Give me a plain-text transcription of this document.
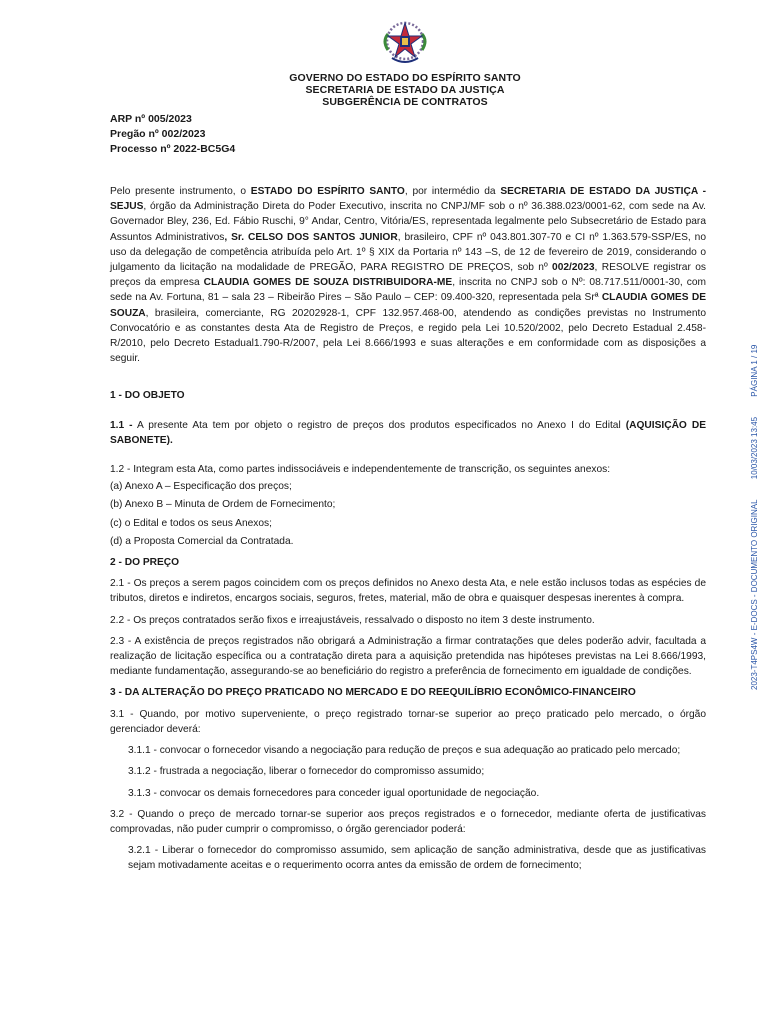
GOVERNO DO ESTADO DO ESPÍRITO SANTO
SECRETARIA DE ESTADO DA JUSTIÇA
SUBGERÊNCIA DE CONTRATOS
ARP nº 005/2023
Pregão nº 002/2023
Processo nº 2022-BC5G4

Pelo presente instrumento, o ESTADO DO ESPÍRITO SANTO, por intermédio da SECRETARIA DE ESTADO DA JUSTIÇA - SEJUS, órgão da Administração Direta do Poder Executivo, inscrita no CNPJ/MF sob o nº 36.388.023/0001-62, com sede na Av. Governador Bley, 236, Ed. Fábio Ruschi, 9° Andar, Centro, Vitória/ES, representada legalmente pelo Subsecretário de Estado para Assuntos Administrativos, Sr. CELSO DOS SANTOS JUNIOR, brasileiro, CPF nº 043.801.307-70 e CI nº 1.363.579-SSP/ES, no uso da delegação de competência atribuída pelo Art. 1º § XIX da Portaria nº 143 –S, de 12 de fevereiro de 2019, considerando o julgamento da licitação na modalidade de PREGÃO, PARA REGISTRO DE PREÇOS, sob nº 002/2023, RESOLVE registrar os preços da empresa CLAUDIA GOMES DE SOUZA DISTRIBUIDORA-ME, inscrita no CNPJ sob o Nº: 08.717.511/0001-30, com sede na Av. Fortuna, 81 – sala 23 – Ribeirão Pires – São Paulo – CEP: 09.400-320, representada pela Srª CLAUDIA GOMES DE SOUZA, brasileira, comerciante, RG 20202928-1, CPF 132.957.468-00, atendendo as condições previstas no Instrumento Convocatório e as constantes desta Ata de Registro de Preços, e regido pela Lei 10.520/2002, pelo Decreto Estadual 2.458-R/2010, pelo Decreto Estadual1.790-R/2007, pela Lei 8.666/1993 e suas alterações e em conformidade com as disposições a seguir.

1 - DO OBJETO

1.1 - A presente Ata tem por objeto o registro de preços dos produtos especificados no Anexo I do Edital (AQUISIÇÃO DE SABONETE).

1.2 - Integram esta Ata, como partes indissociáveis e independentemente de transcrição, os seguintes anexos:

(a) Anexo A – Especificação dos preços;

(b) Anexo B – Minuta de Ordem de Fornecimento;

(c) o Edital e todos os seus Anexos;

(d) a Proposta Comercial da Contratada.

2 - DO PREÇO

2.1 - Os preços a serem pagos coincidem com os preços definidos no Anexo desta Ata, e nele estão inclusos todas as espécies de tributos, diretos e indiretos, encargos sociais, seguros, fretes, material, mão de obra e quaisquer despesas inerentes à compra.

2.2 - Os preços contratados serão fixos e irreajustáveis, ressalvado o disposto no item 3 deste instrumento.

2.3 - A existência de preços registrados não obrigará a Administração a firmar contratações que deles poderão advir, facultada a realização de licitação específica ou a contratação direta para a aquisição pretendida nas hipóteses previstas na Lei 8.666/1993, mediante fundamentação, assegurando-se ao beneficiário do registro a preferência de fornecimento em igualdade de condições.

3 - DA ALTERAÇÃO DO PREÇO PRATICADO NO MERCADO E DO REEQUILÍBRIO ECONÔMICO-FINANCEIRO

3.1 - Quando, por motivo superveniente, o preço registrado tornar-se superior ao preço praticado pelo mercado, o órgão gerenciador deverá:

3.1.1 - convocar o fornecedor visando a negociação para redução de preços e sua adequação ao praticado pelo mercado;

3.1.2 - frustrada a negociação, liberar o fornecedor do compromisso assumido;

3.1.3 - convocar os demais fornecedores para conceder igual oportunidade de negociação.

3.2 - Quando o preço de mercado tornar-se superior aos preços registrados e o fornecedor, mediante oferta de justificativas comprovadas, não puder cumprir o compromisso, o órgão gerenciador poderá:

3.2.1 - Liberar o fornecedor do compromisso assumido, sem aplicação de sanção administrativa, desde que as justificativas sejam motivadamente aceitas e o requerimento ocorra antes da emissão de ordem de fornecimento;

2023-T4PS4W - E-DOCS - DOCUMENTO ORIGINAL 10/03/2023 13:45 PÁGINA 1 / 19
